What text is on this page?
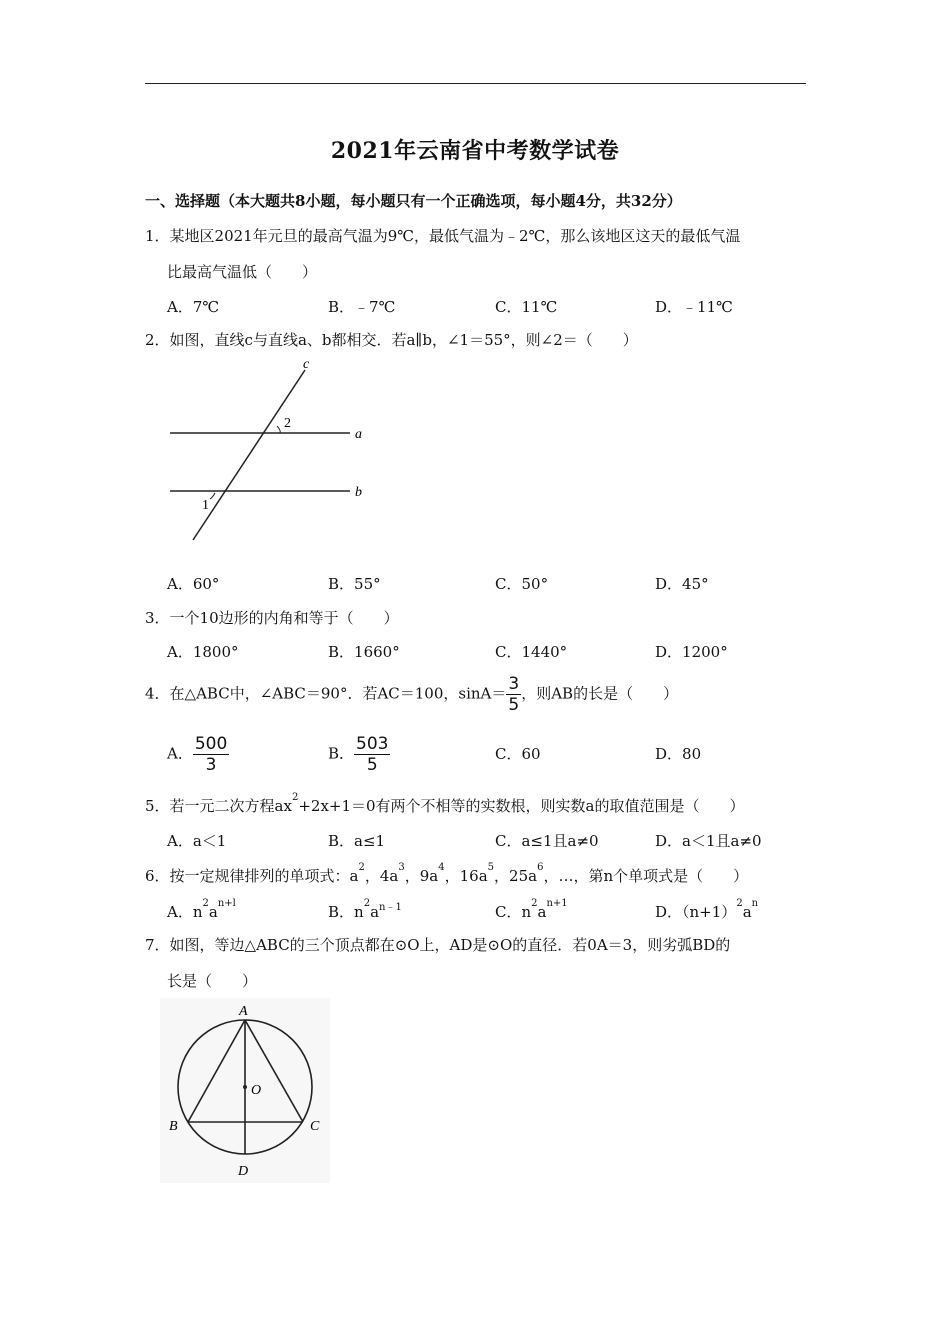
2021年云南省中考数学试卷
一、选择题（本大题共8小题，每小题只有一个正确选项，每小题4分，共32分）
1．某地区2021年元旦的最高气温为9℃，最低气温为﹣2℃，那么该地区这天的最低气温
比最高气温低（　　）
A．7℃	B．﹣7℃	C．11℃	D．﹣11℃
2．如图，直线c与直线a、b都相交．若a∥b，∠1＝55°，则∠2＝（　　）
c
2
a
b
1
A．60°	B．55°	C．50°	D．45°
3．一个10边形的内角和等于（　　）
A．1800°	B．1660°	C．1440°	D．1200°
4．在△ABC中，∠ABC＝90°．若AC＝100，$\sin A= \frac{3}{5}$ ，则AB的长是（　　）
A． $\frac{500}{3}$	B． $\frac{503}{5}$	C．60	D．80
5．若一元二次方程$ax^2+2x+1=0$有两个不相等的实数根，则实数a的取值范围是（　　）
A．a＜1	B．a≤1	C．a≤1且a≠0	D．a＜1且a≠0
6．按一定规律排列的单项式：$a^2$，$4a^3$，$9a^4$，$16a^5$，$25a^6$，…，第n个单项式是（　　）
A．$n^2a^{n+l}$	B．$n^2a^{n﹣1}$	C．$n^2a^{n+1}$	D．$(n+1)^2a^n$
7．如图，等边△ABC的三个顶点都在⊙O上，AD是⊙O的直径．若0A＝3，则劣弧BD的
长是（　　）
A
O
B	C
D
